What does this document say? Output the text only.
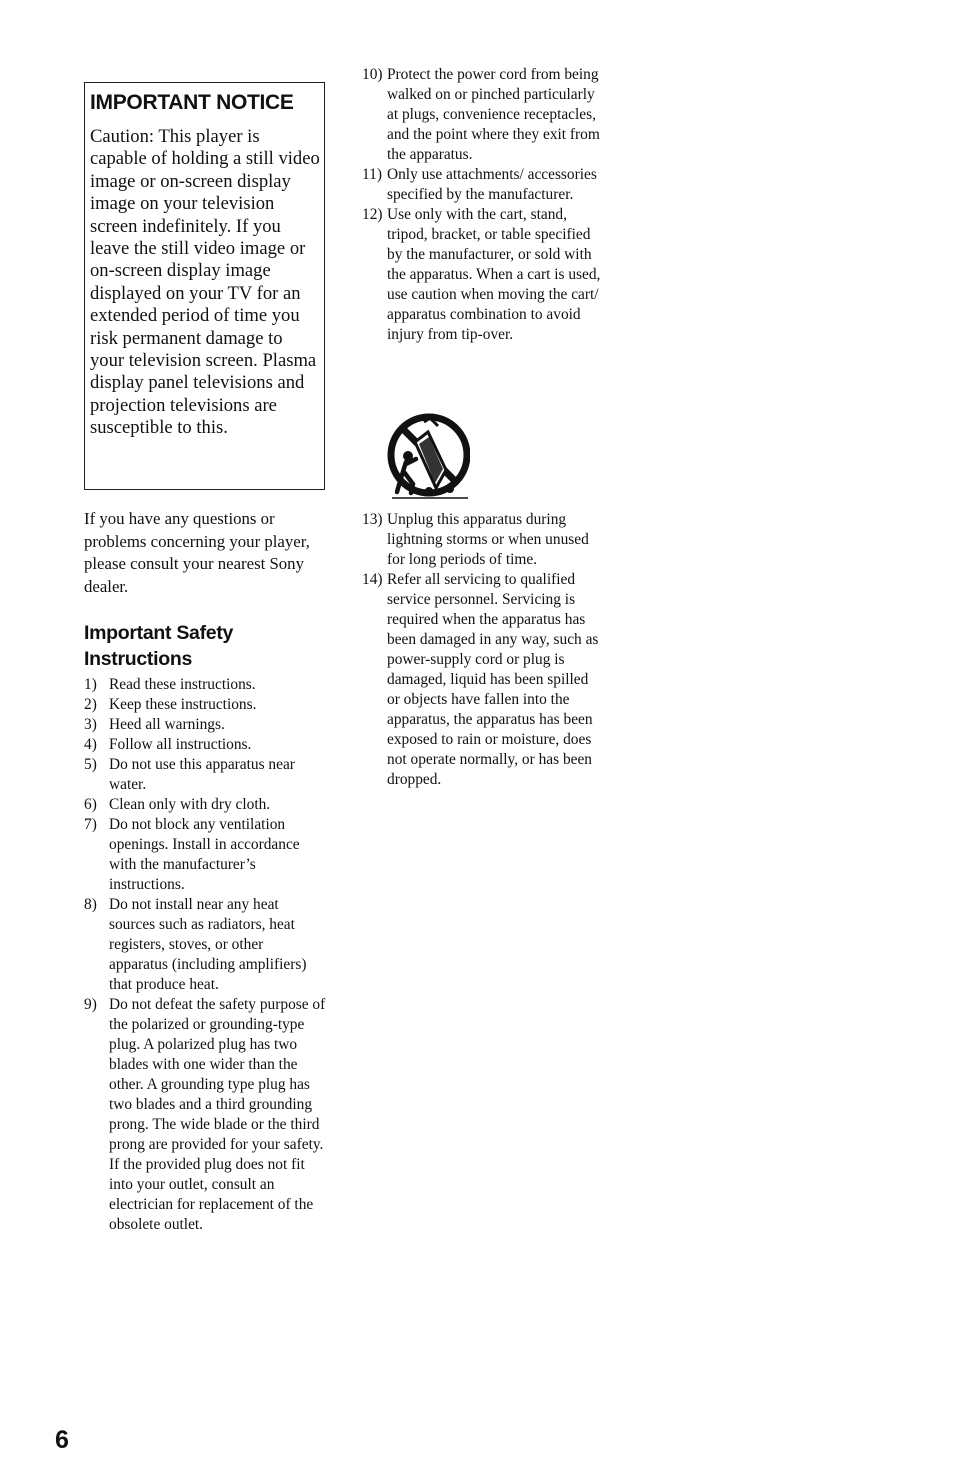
IMPORTANT NOTICE

Caution: This player is capable of holding a still video image or on-screen display image on your television screen indefinitely. If you leave the still video image or on-screen display image displayed on your TV for an extended period of time you risk permanent damage to your television screen. Plasma display panel televisions and projection televisions are susceptible to this.

If you have any questions or problems concerning your player, please consult your nearest Sony dealer.

Important Safety Instructions
1) Read these instructions.
2) Keep these instructions.
3) Heed all warnings.
4) Follow all instructions.
5) Do not use this apparatus near water.
6) Clean only with dry cloth.
7) Do not block any ventilation openings. Install in accordance with the manufacturer’s instructions.
8) Do not install near any heat sources such as radiators, heat registers, stoves, or other apparatus (including amplifiers) that produce heat.
9) Do not defeat the safety purpose of the polarized or grounding-type plug. A polarized plug has two blades with one wider than the other. A grounding type plug has two blades and a third grounding prong. The wide blade or the third prong are provided for your safety. If the provided plug does not fit into your outlet, consult an electrician for replacement of the obsolete outlet.
10) Protect the power cord from being walked on or pinched particularly at plugs, convenience receptacles, and the point where they exit from the apparatus.
11) Only use attachments/ accessories specified by the manufacturer.
12) Use only with the cart, stand, tripod, bracket, or table specified by the manufacturer, or sold with the apparatus. When a cart is used, use caution when moving the cart/ apparatus combination to avoid injury from tip-over.
13) Unplug this apparatus during lightning storms or when unused for long periods of time.
14) Refer all servicing to qualified service personnel. Servicing is required when the apparatus has been damaged in any way, such as power-supply cord or plug is damaged, liquid has been spilled or objects have fallen into the apparatus, the apparatus has been exposed to rain or moisture, does not operate normally, or has been dropped.
6
